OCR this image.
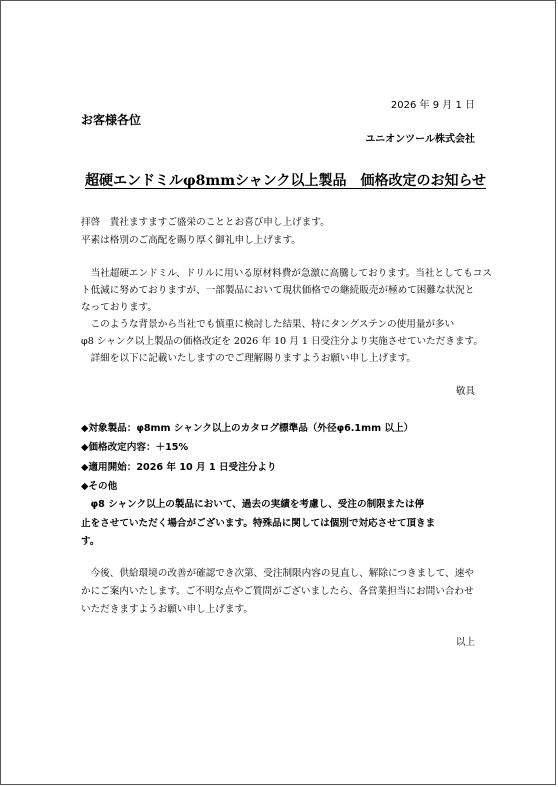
2026 年 9 月 1 日
お客様各位
ユニオンツール株式会社
超硬エンドミルφ8mmシャンク以上製品　価格改定のお知らせ
拝啓　貴社ますますご盛栄のこととお喜び申し上げます。
平素は格別のご高配を賜り厚く御礼申し上げます。
　当社超硬エンドミル、ドリルに用いる原材料費が急激に高騰しております。当社としてもコス
ト低減に努めておりますが、一部製品において現状価格での継続販売が極めて困難な状況と
なっております。
　このような背景から当社でも慎重に検討した結果、特にタングステンの使用量が多い
φ8 シャンク以上製品の価格改定を 2026 年 10 月 1 日受注分より実施させていただきます。
　詳細を以下に記載いたしますのでご理解賜りますようお願い申し上げます。
敬具
◆対象製品：φ8mm シャンク以上のカタログ標準品（外径φ6.1mm 以上）
◆価格改定内容：＋15%
◆適用開始：2026 年 10 月 1 日受注分より
◆その他
　φ8 シャンク以上の製品において、過去の実績を考慮し、受注の制限または停
止をさせていただく場合がございます。特殊品に関しては個別で対応させて頂きま
す。
　今後、供給環境の改善が確認でき次第、受注制限内容の見直し、解除につきまして、速や
かにご案内いたします。ご不明な点やご質問がございましたら、各営業担当にお問い合わせ
いただきますようお願い申し上げます。
以上
